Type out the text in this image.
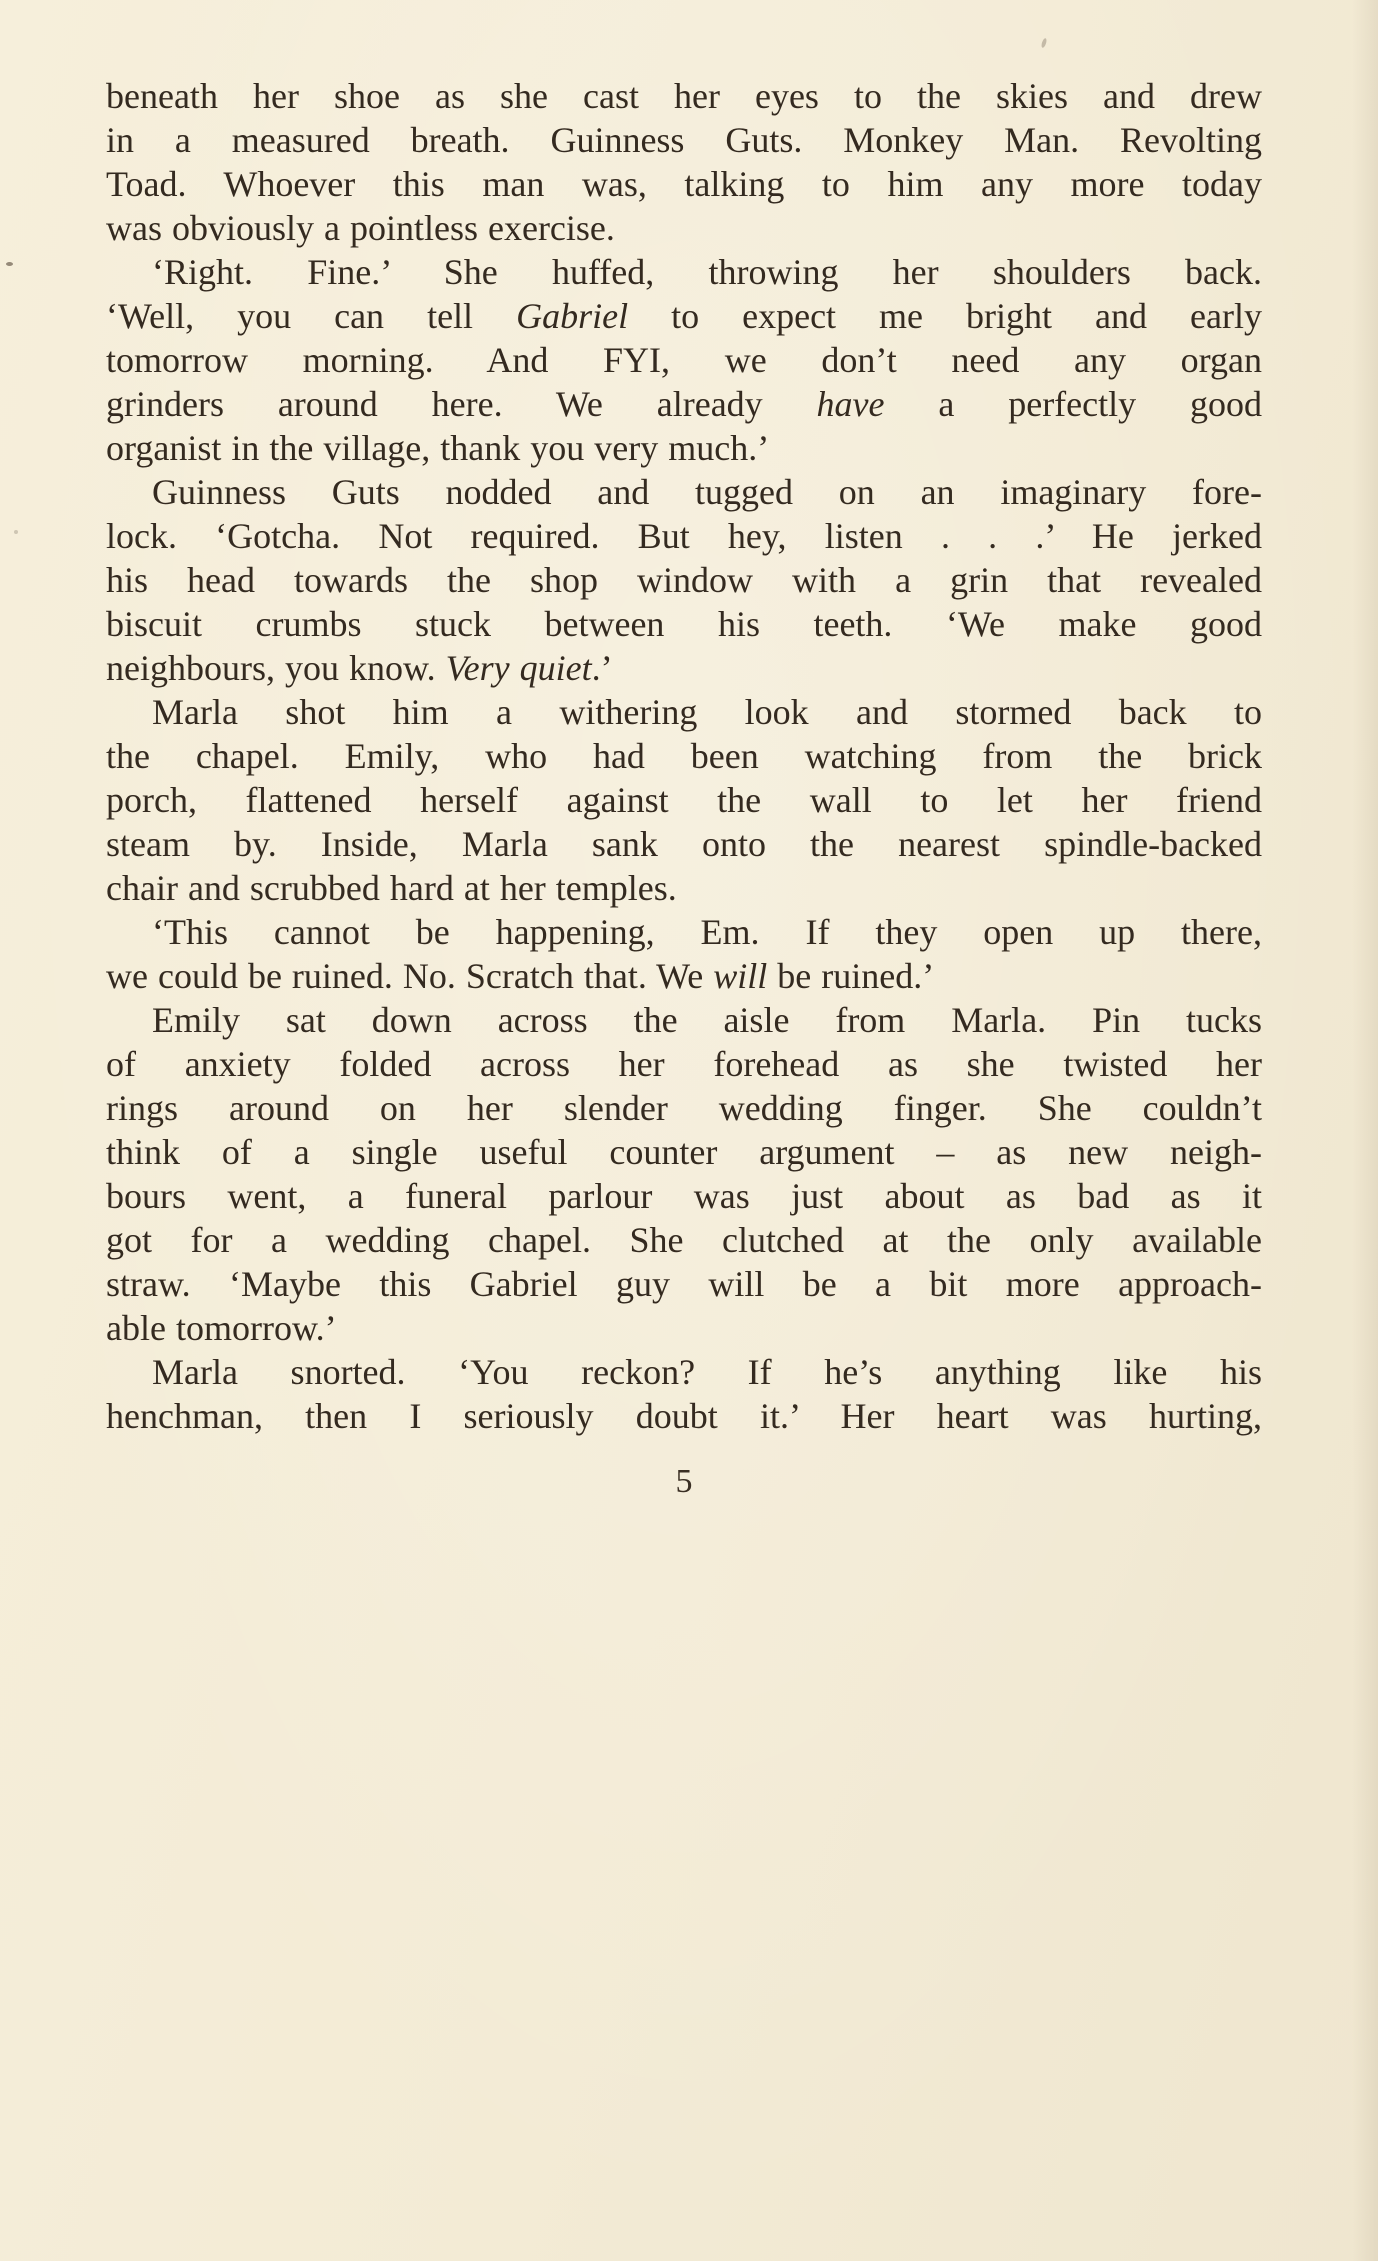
beneath her shoe as she cast her eyes to the skies and drew
in a measured breath. Guinness Guts. Monkey Man. Revolting
Toad. Whoever this man was, talking to him any more today
was obviously a pointless exercise.
‘Right. Fine.’ She huffed, throwing her shoulders back.
‘Well, you can tell Gabriel to expect me bright and early
tomorrow morning. And FYI, we don’t need any organ
grinders around here. We already have a perfectly good
organist in the village, thank you very much.’
Guinness Guts nodded and tugged on an imaginary fore-
lock. ‘Gotcha. Not required. But hey, listen . . .’ He jerked
his head towards the shop window with a grin that revealed
biscuit crumbs stuck between his teeth. ‘We make good
neighbours, you know. Very quiet.’
Marla shot him a withering look and stormed back to
the chapel. Emily, who had been watching from the brick
porch, flattened herself against the wall to let her friend
steam by. Inside, Marla sank onto the nearest spindle-backed
chair and scrubbed hard at her temples.
‘This cannot be happening, Em. If they open up there,
we could be ruined. No. Scratch that. We will be ruined.’
Emily sat down across the aisle from Marla. Pin tucks
of anxiety folded across her forehead as she twisted her
rings around on her slender wedding finger. She couldn’t
think of a single useful counter argument – as new neigh-
bours went, a funeral parlour was just about as bad as it
got for a wedding chapel. She clutched at the only available
straw. ‘Maybe this Gabriel guy will be a bit more approach-
able tomorrow.’
Marla snorted. ‘You reckon? If he’s anything like his
henchman, then I seriously doubt it.’ Her heart was hurting,
5
